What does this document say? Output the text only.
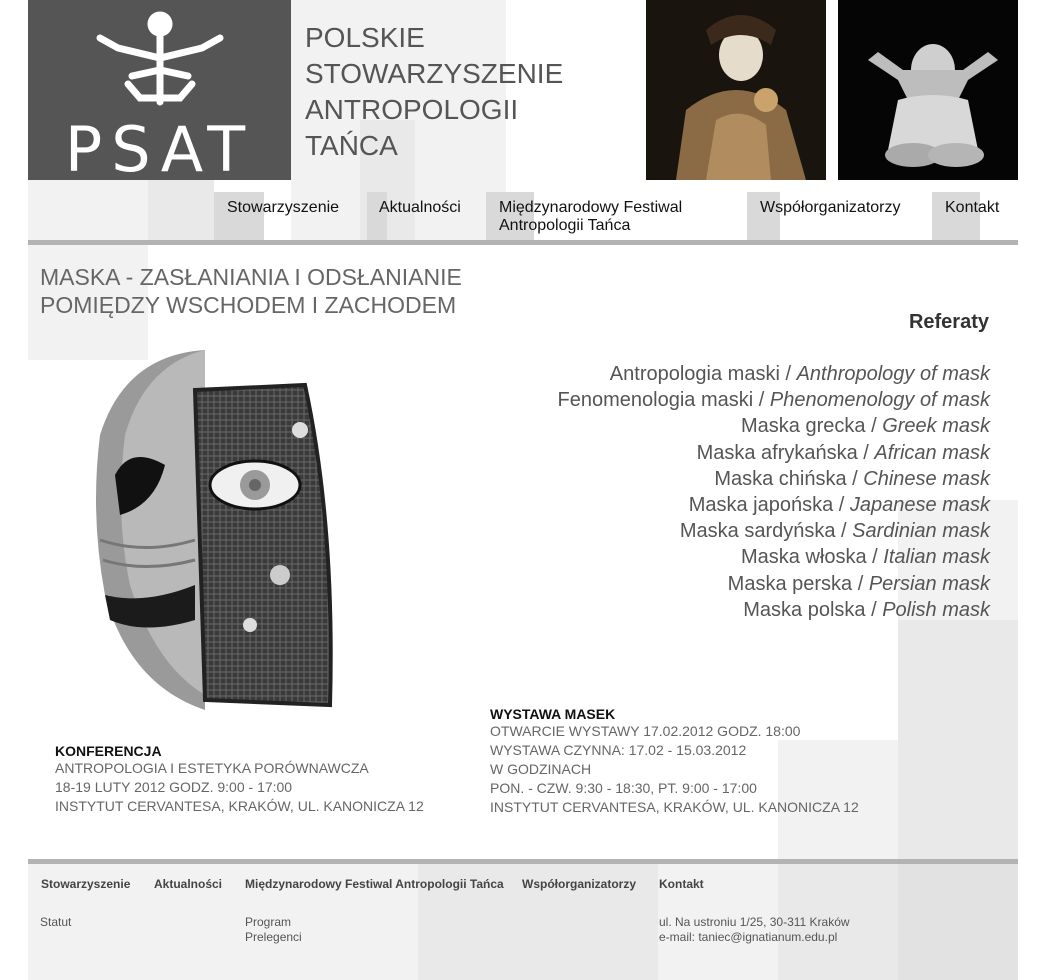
PSAT
POLSKIE
STOWARZYSZENIE
ANTROPOLOGII
TAŃCA
Stowarzyszenie Aktualności Międzynarodowy Festiwal
Antropologii Tańca
Współorganizatorzy	Kontakt
MASKA - ZASŁANIANIA I ODSŁANIANIE
POMIĘDZY WSCHODEM I ZACHODEM
Referaty
Antropologia maski / Anthropology of mask
Fenomenologia maski / Phenomenology of mask
Maska grecka / Greek mask
Maska afrykańska / African mask
Maska chińska / Chinese mask
Maska japońska / Japanese mask
Maska sardyńska / Sardinian mask
Maska włoska / Italian mask
Maska perska / Persian mask
Maska polska / Polish mask
WYSTAWA MASEK
OTWARCIE WYSTAWY 17.02.2012 GODZ. 18:00
WYSTAWA CZYNNA: 17.02 - 15.03.2012
W GODZINACH
PON. - CZW. 9:30 - 18:30, PT. 9:00 - 17:00
INSTYTUT CERVANTESA, KRAKÓW, UL. KANONICZA 12
KONFERENCJA
ANTROPOLOGIA I ESTETYKA PORÓWNAWCZA
18-19 LUTY 2012 GODZ. 9:00 - 17:00
INSTYTUT CERVANTESA, KRAKÓW, UL. KANONICZA 12
Stowarzyszenie Aktualności Międzynarodowy Festiwal Antropologii Tańca Współorganizatorzy Kontakt
Statut	Program
Prelegenci
ul. Na ustroniu 1/25, 30-311 Kraków
e-mail: taniec@ignatianum.edu.pl
